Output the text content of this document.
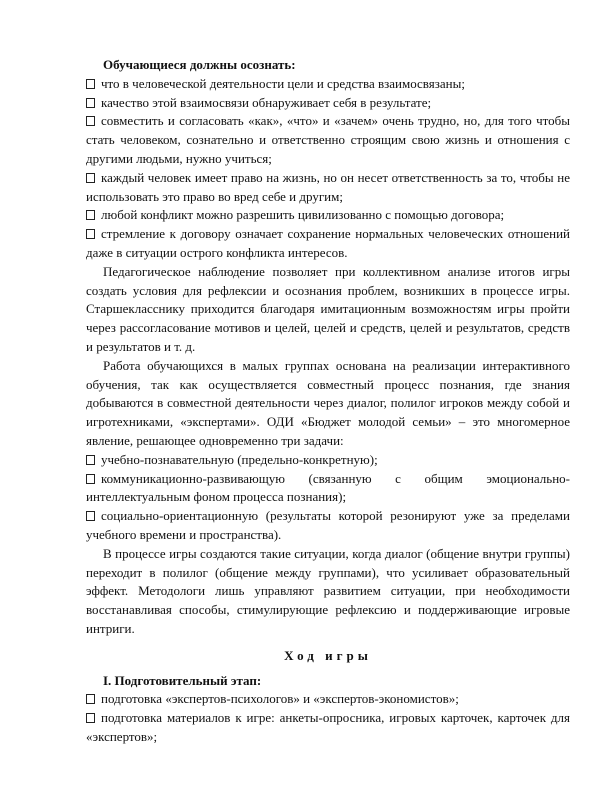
Обучающиеся должны осознать:

что в человеческой деятельности цели и средства взаимосвязаны;

качество этой взаимосвязи обнаруживает себя в результате;

совместить и согласовать «как», «что» и «зачем» очень трудно, но, для того чтобы стать человеком, сознательно и ответственно строящим свою жизнь и отношения с другими людьми, нужно учиться;

каждый человек имеет право на жизнь, но он несет ответственность за то, чтобы не использовать это право во вред себе и другим;

любой конфликт можно разрешить цивилизованно с помощью договора;

стремление к договору означает сохранение нормальных человеческих отношений даже в ситуации острого конфликта интересов.

Педагогическое наблюдение позволяет при коллективном анализе итогов игры создать условия для рефлексии и осознания проблем, возникших в процессе игры. Старшекласснику приходится благодаря имитационным возможностям игры пройти через рассогласование мотивов и целей, целей и средств, целей и результатов, средств и результатов и т. д.

Работа обучающихся в малых группах основана на реализации интерактивного обучения, так как осуществляется совместный процесс познания, где знания добываются в совместной деятельности через диалог, полилог игроков между собой и игротехниками, «экспертами». ОДИ «Бюджет молодой семьи» – это многомерное явление, решающее одновременно три задачи:

учебно-познавательную (предельно-конкретную);

коммуникационно-развивающую (связанную с общим эмоционально-интеллектуальным фоном процесса познания);

социально-ориентационную (результаты которой резонируют уже за пределами учебного времени и пространства).

В процессе игры создаются такие ситуации, когда диалог (общение внутри группы) переходит в полилог (общение между группами), что усиливает образовательный эффект. Методологи лишь управляют развитием ситуации, при необходимости восстанавливая способы, стимулирующие рефлексию и поддерживающие игровые интриги.

Ход игры

I. Подготовительный этап:

подготовка «экспертов-психологов» и «экспертов-экономистов»;

подготовка материалов к игре: анкеты-опросника, игровых карточек, карточек для «экспертов»;
